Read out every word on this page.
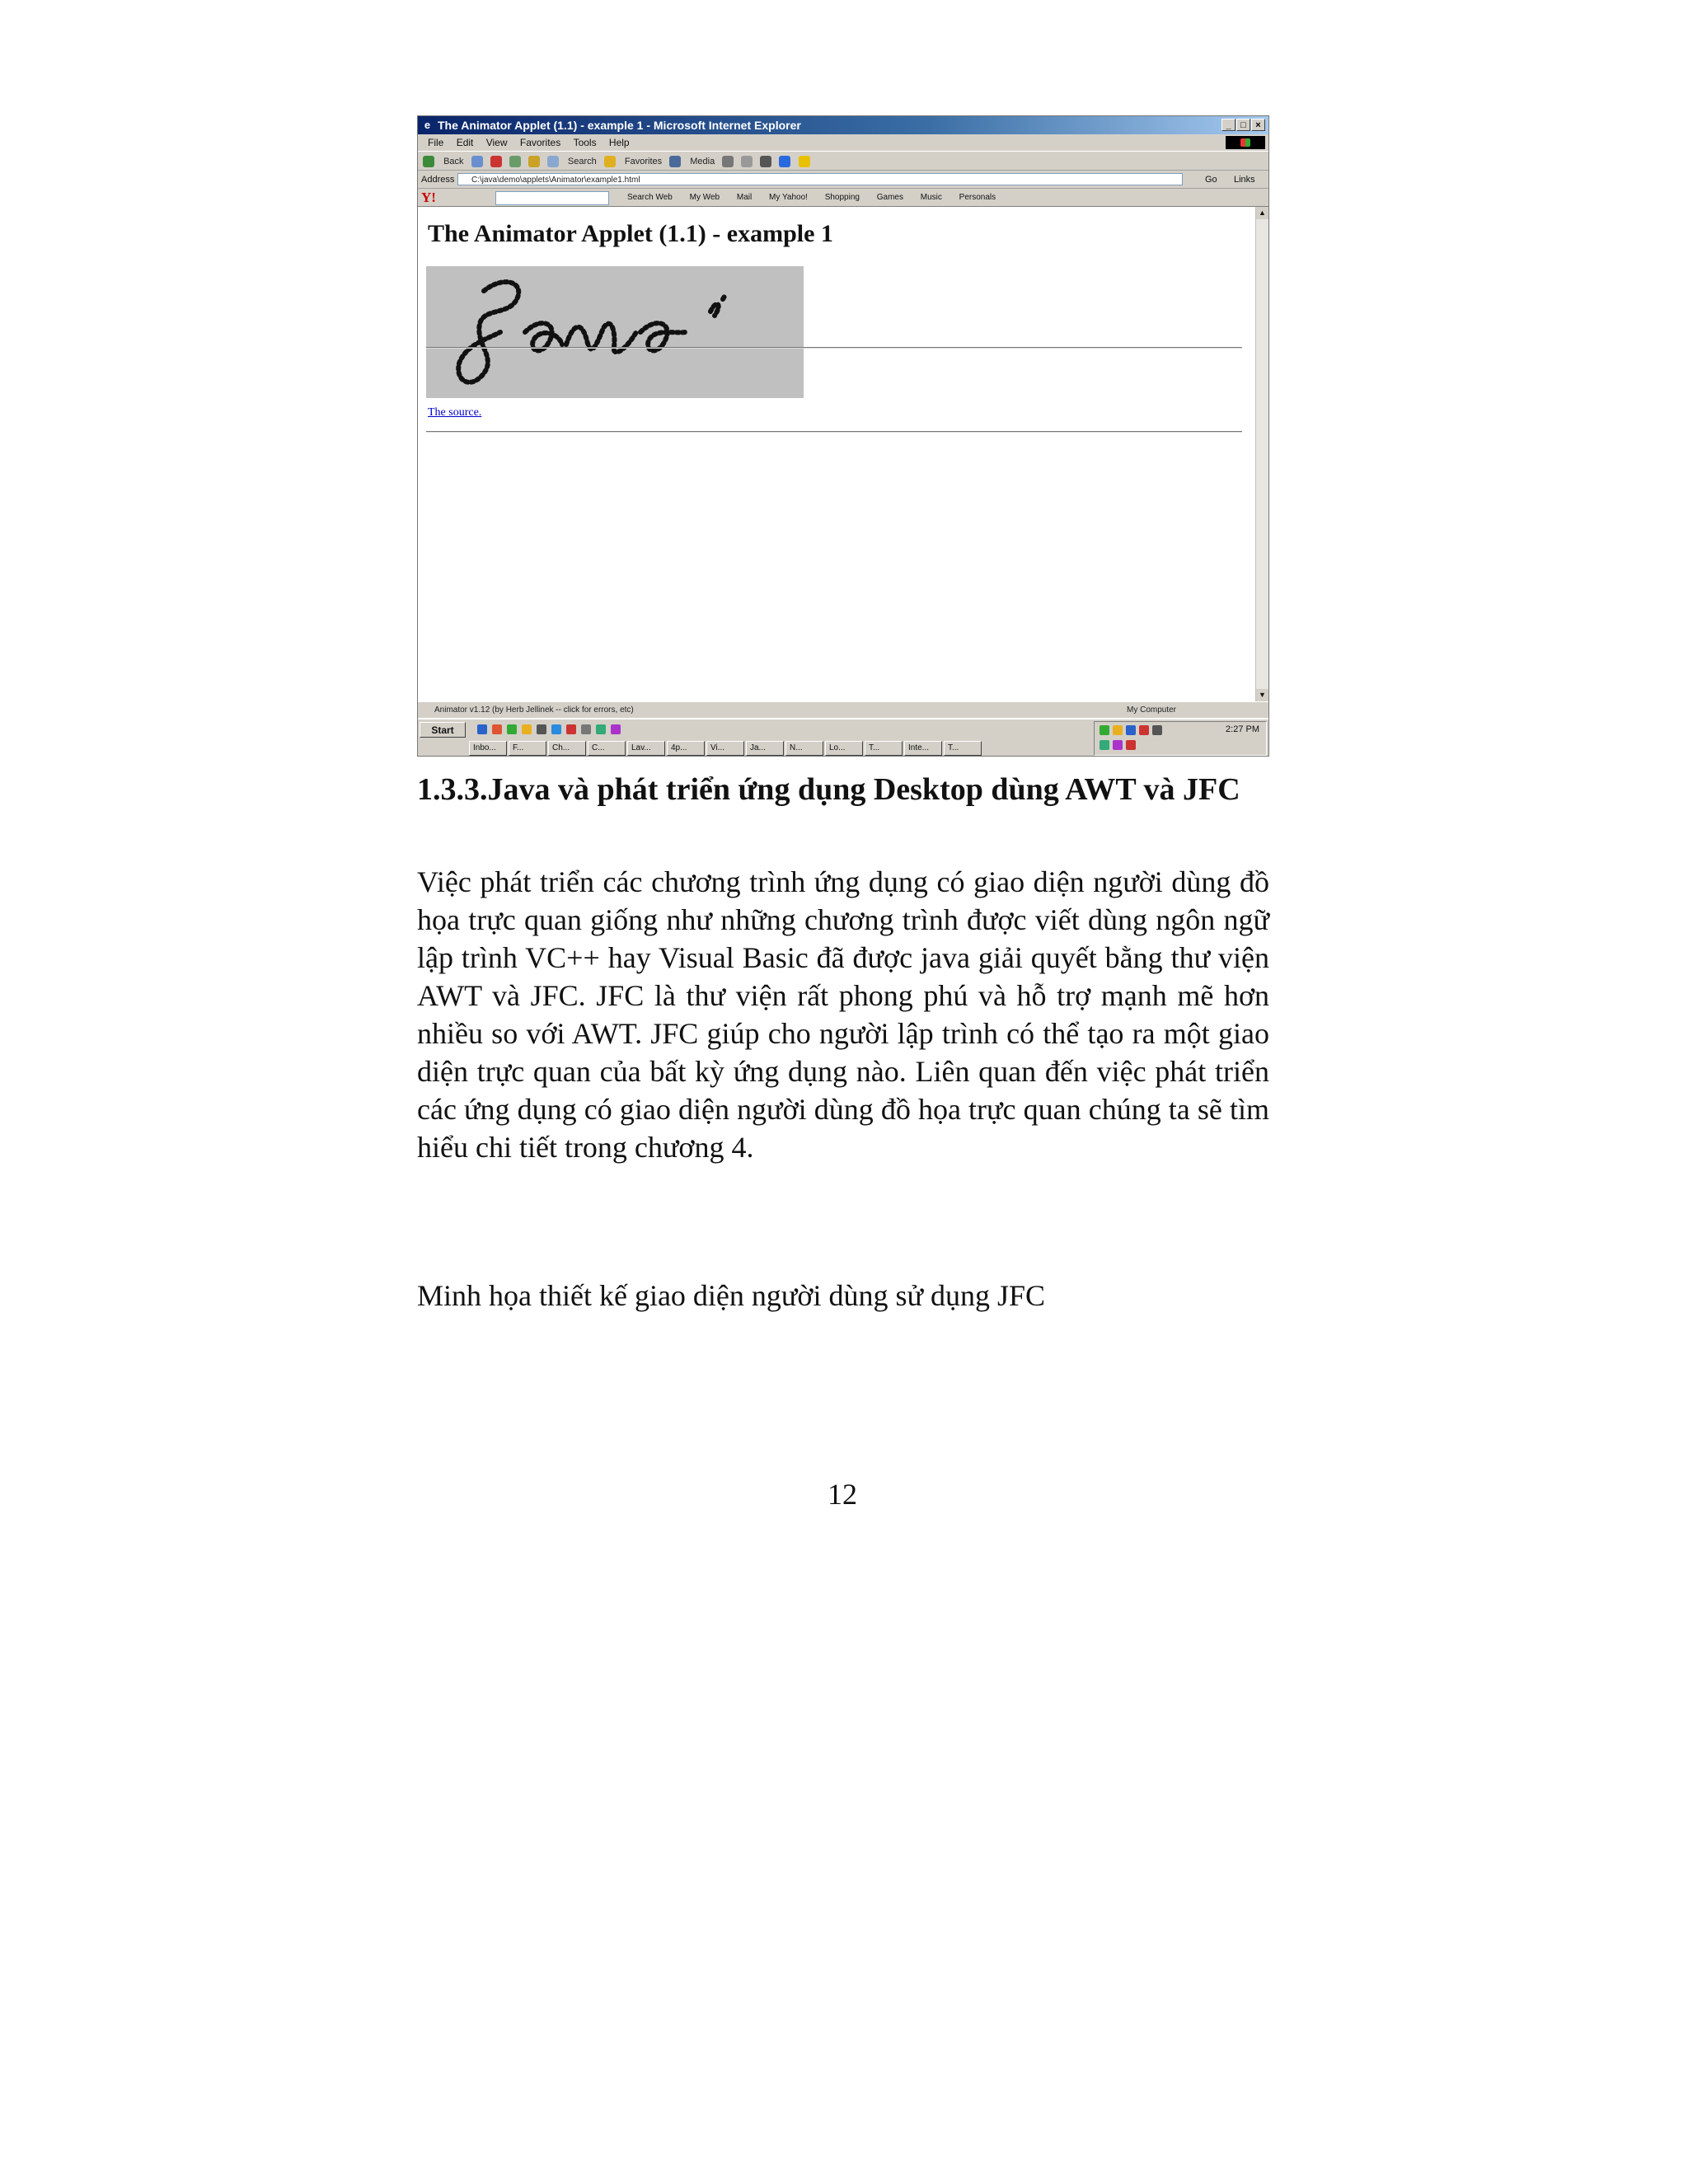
e The Animator Applet (1.1) - example 1 - Microsoft Internet Explorer	_	□	×
File Edit View Favorites Tools Help
Back	Search	Favorites	Media
Address	C:\java\demo\applets\Animator\example1.html	Go Links
Y!	Search Web My Web Mail My Yahoo! Shopping Games Music Personals
The Animator Applet (1.1) - example 1
The source.
▲
▼
Animator v1.12 (by Herb Jellinek -- click for errors, etc)	My Computer
Start
Inbo...	F...	Ch...	C...	Lav...	4p...	Vi...	Ja...	N...	Lo...	T...	Inte...	T...
2:27 PM
1.3.3.Java và phát triển ứng dụng Desktop dùng AWT và JFC
Việc phát triển các chương trình ứng dụng có giao diện người dùng đồ họa trực quan giống như những chương trình được viết dùng ngôn ngữ lập trình VC++ hay Visual Basic đã được java giải quyết bằng thư viện AWT và JFC. JFC là thư viện rất phong phú và hỗ trợ mạnh mẽ hơn nhiều so với AWT. JFC giúp cho người lập trình có thể tạo ra một giao diện trực quan của bất kỳ ứng dụng nào. Liên quan đến việc phát triển các ứng dụng có giao diện người dùng đồ họa trực quan chúng ta sẽ tìm hiểu chi tiết trong chương 4.
Minh họa thiết kế giao diện người dùng sử dụng JFC
12
